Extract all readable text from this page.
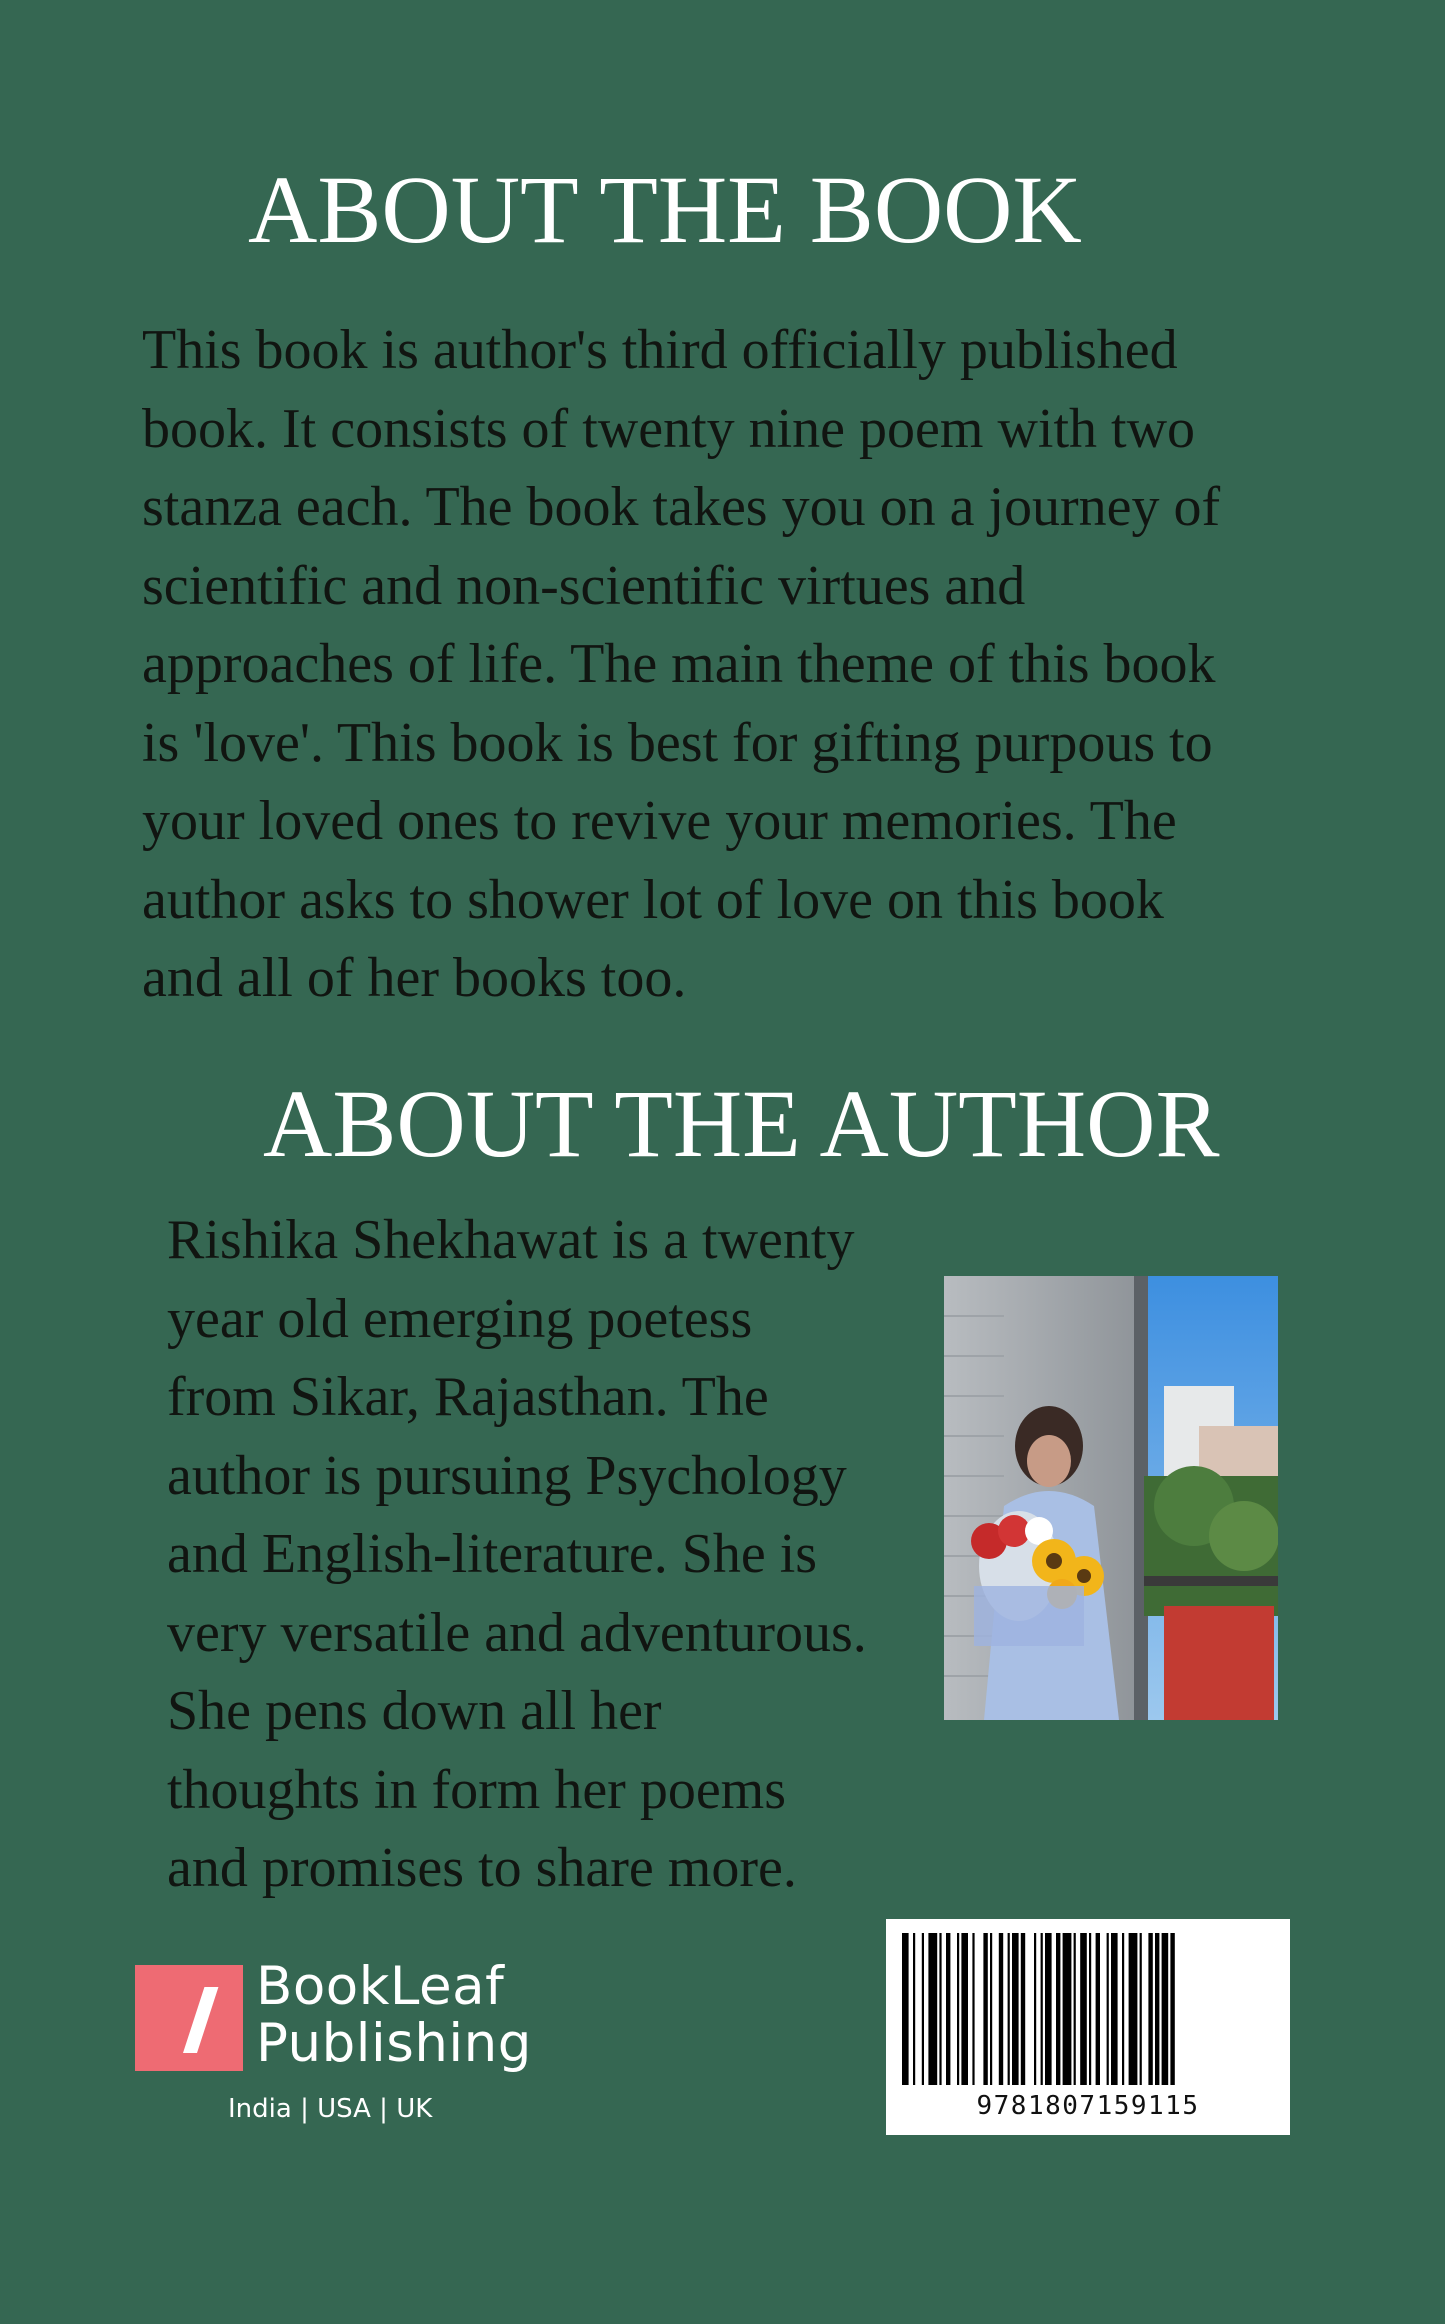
ABOUT THE BOOK
This book is author's third officially published
book. It consists of twenty nine poem with two
stanza each. The book takes you on a journey of
scientific and non-scientific virtues and
approaches of life. The main theme of this book
is 'love'. This book is best for gifting purpous to
your loved ones to revive your memories. The
author asks to shower lot of love on this book
and all of her books too.
ABOUT THE AUTHOR
Rishika Shekhawat is a twenty
year old emerging poetess
from Sikar, Rajasthan. The
author is pursuing Psychology
and English-literature. She is
very versatile and adventurous.
She pens down all her
thoughts in form her poems
and promises to share more.
BookLeaf
Publishing
India | USA | UK	9781807159115
